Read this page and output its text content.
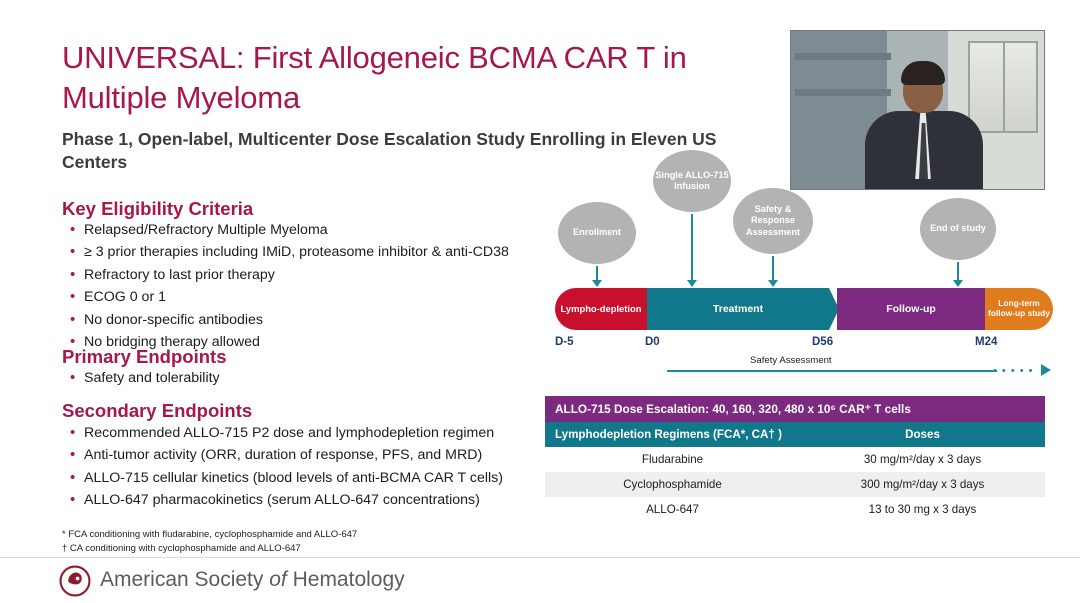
UNIVERSAL: First Allogeneic BCMA CAR T in Multiple Myeloma
Phase 1, Open-label, Multicenter Dose Escalation Study Enrolling in Eleven US Centers
Key Eligibility Criteria
• Relapsed/Refractory Multiple Myeloma
• ≥ 3 prior therapies including IMiD, proteasome inhibitor & anti-CD38
• Refractory to last prior therapy
• ECOG 0 or 1
• No donor-specific antibodies
• No bridging therapy allowed
Primary Endpoints
• Safety and tolerability
Secondary Endpoints
• Recommended ALLO-715 P2 dose and lymphodepletion regimen
• Anti-tumor activity (ORR, duration of response, PFS, and MRD)
• ALLO-715 cellular kinetics (blood levels of anti-BCMA CAR T cells)
• ALLO-647 pharmacokinetics (serum ALLO-647 concentrations)
* FCA conditioning with fludarabine, cyclophosphamide and ALLO-647
† CA conditioning with cyclophosphamide and ALLO-647
Enrollment
Single ALLO-715 Infusion
Safety & Response Assessment	End of study
Lympho-depletion	Treatment	Follow-up	Long-term follow-up study
D-5	D0	D56	M24
Safety Assessment
• • • • •
ALLO-715 Dose Escalation: 40, 160, 320, 480 x 10⁶ CAR⁺ T cells	
Lymphodepletion Regimens (FCA*, CA† )	Doses
Fludarabine	30 mg/m²/day x 3 days
Cyclophosphamide	300 mg/m²/day x 3 days
ALLO-647	13 to 30 mg x 3 days
American Society of Hematology
